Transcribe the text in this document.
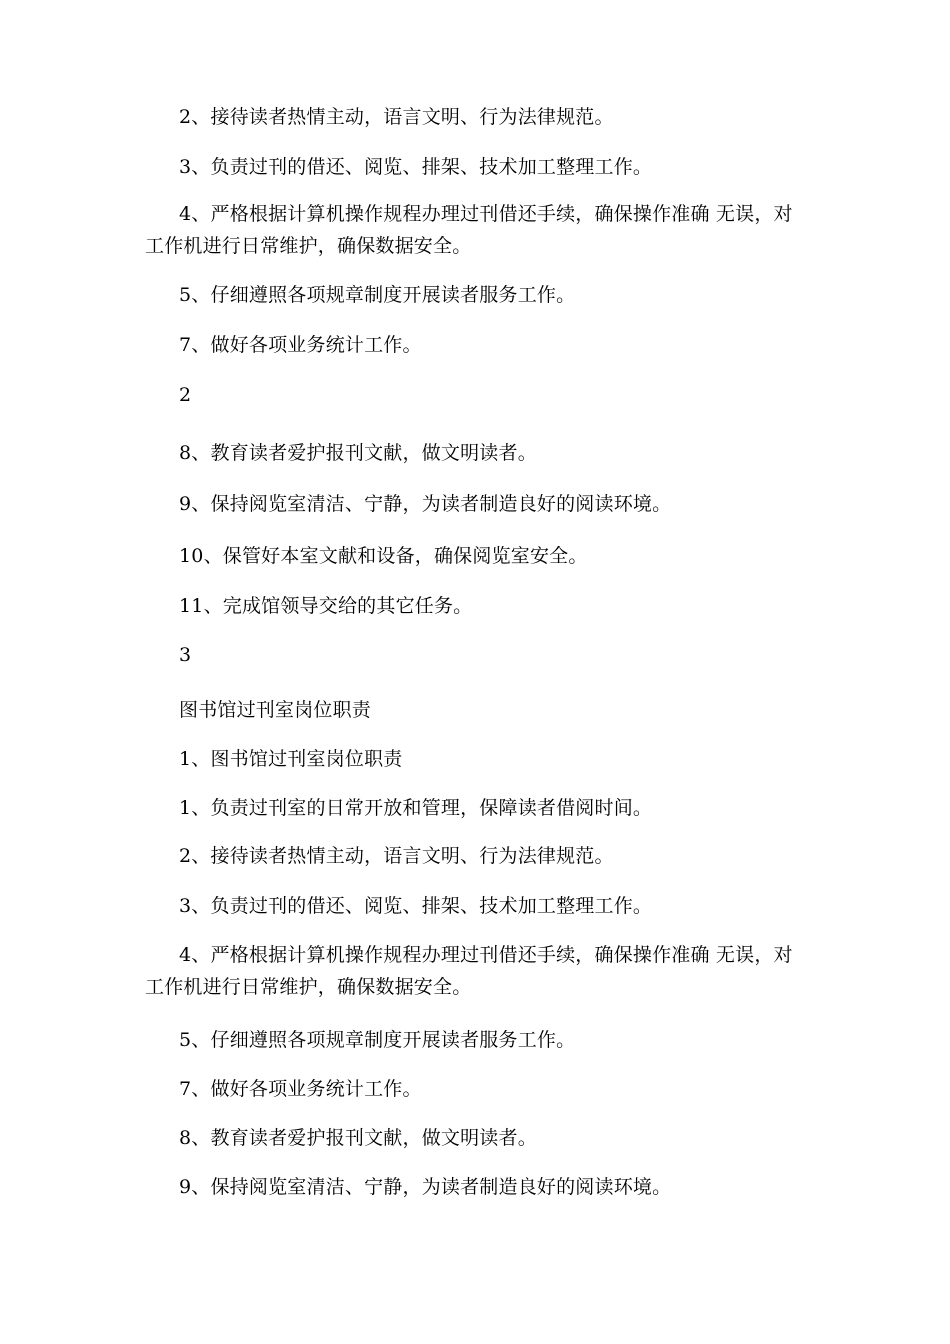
2、接待读者热情主动，语言文明、行为法律规范。

3、负责过刊的借还、阅览、排架、技术加工整理工作。

4、严格根据计算机操作规程办理过刊借还手续，确保操作准确 无误，对工作机进行日常维护，确保数据安全。

5、仔细遵照各项规章制度开展读者服务工作。

7、做好各项业务统计工作。

2

8、教育读者爱护报刊文献，做文明读者。

9、保持阅览室清洁、宁静，为读者制造良好的阅读环境。

10、保管好本室文献和设备，确保阅览室安全。

11、完成馆领导交给的其它任务。

3

图书馆过刊室岗位职责

1、图书馆过刊室岗位职责

1、负责过刊室的日常开放和管理，保障读者借阅时间。

2、接待读者热情主动，语言文明、行为法律规范。

3、负责过刊的借还、阅览、排架、技术加工整理工作。

4、严格根据计算机操作规程办理过刊借还手续，确保操作准确 无误，对工作机进行日常维护，确保数据安全。

5、仔细遵照各项规章制度开展读者服务工作。

7、做好各项业务统计工作。

8、教育读者爱护报刊文献，做文明读者。

9、保持阅览室清洁、宁静，为读者制造良好的阅读环境。
